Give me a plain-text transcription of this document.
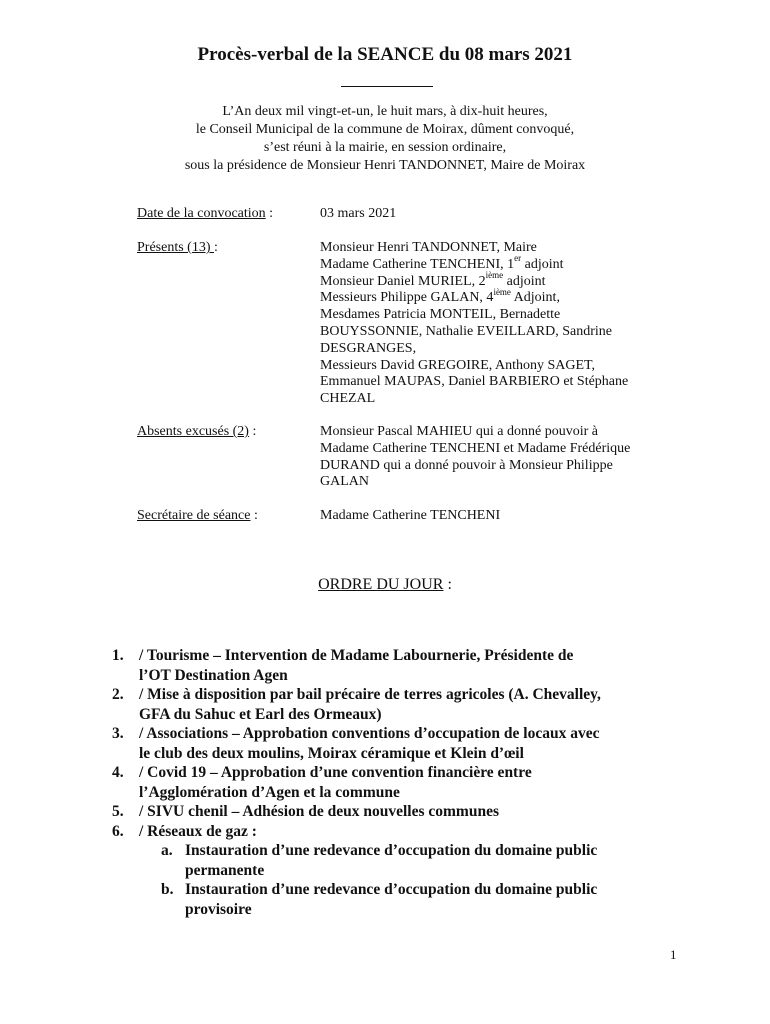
Procès-verbal de la SEANCE du 08 mars 2021
L’An deux mil vingt-et-un, le huit mars, à dix-huit heures,
le Conseil Municipal de la commune de Moirax, dûment convoqué,
s’est réuni à la mairie, en session ordinaire,
sous la présidence de Monsieur Henri TANDONNET, Maire de Moirax
Date de la convocation :	03 mars 2021
Présents (13) :	Monsieur Henri TANDONNET, Maire
Madame Catherine TENCHENI, 1er adjoint
Monsieur Daniel MURIEL, 2ième adjoint
Messieurs Philippe GALAN, 4ième Adjoint,
Mesdames Patricia MONTEIL, Bernadette
BOUYSSONNIE, Nathalie EVEILLARD, Sandrine
DESGRANGES,
Messieurs David GREGOIRE, Anthony SAGET,
Emmanuel MAUPAS, Daniel BARBIERO et Stéphane
CHEZAL
Absents excusés (2) :	Monsieur Pascal MAHIEU qui a donné pouvoir à
Madame Catherine TENCHENI et Madame Frédérique
DURAND qui a donné pouvoir à Monsieur Philippe
GALAN
Secrétaire de séance :	Madame Catherine TENCHENI
ORDRE DU JOUR :
1. / Tourisme – Intervention de Madame Labournerie, Présidente de
l’OT Destination Agen
2. / Mise à disposition par bail précaire de terres agricoles (A. Chevalley,
GFA du Sahuc et Earl des Ormeaux)
3. / Associations – Approbation conventions d’occupation de locaux avec
le club des deux moulins, Moirax céramique et Klein d’œil
4. / Covid 19 – Approbation d’une convention financière entre
l’Agglomération d’Agen et la commune
5. / SIVU chenil – Adhésion de deux nouvelles communes
6. / Réseaux de gaz :
a. Instauration d’une redevance d’occupation du domaine public
permanente
b. Instauration d’une redevance d’occupation du domaine public
provisoire
1
